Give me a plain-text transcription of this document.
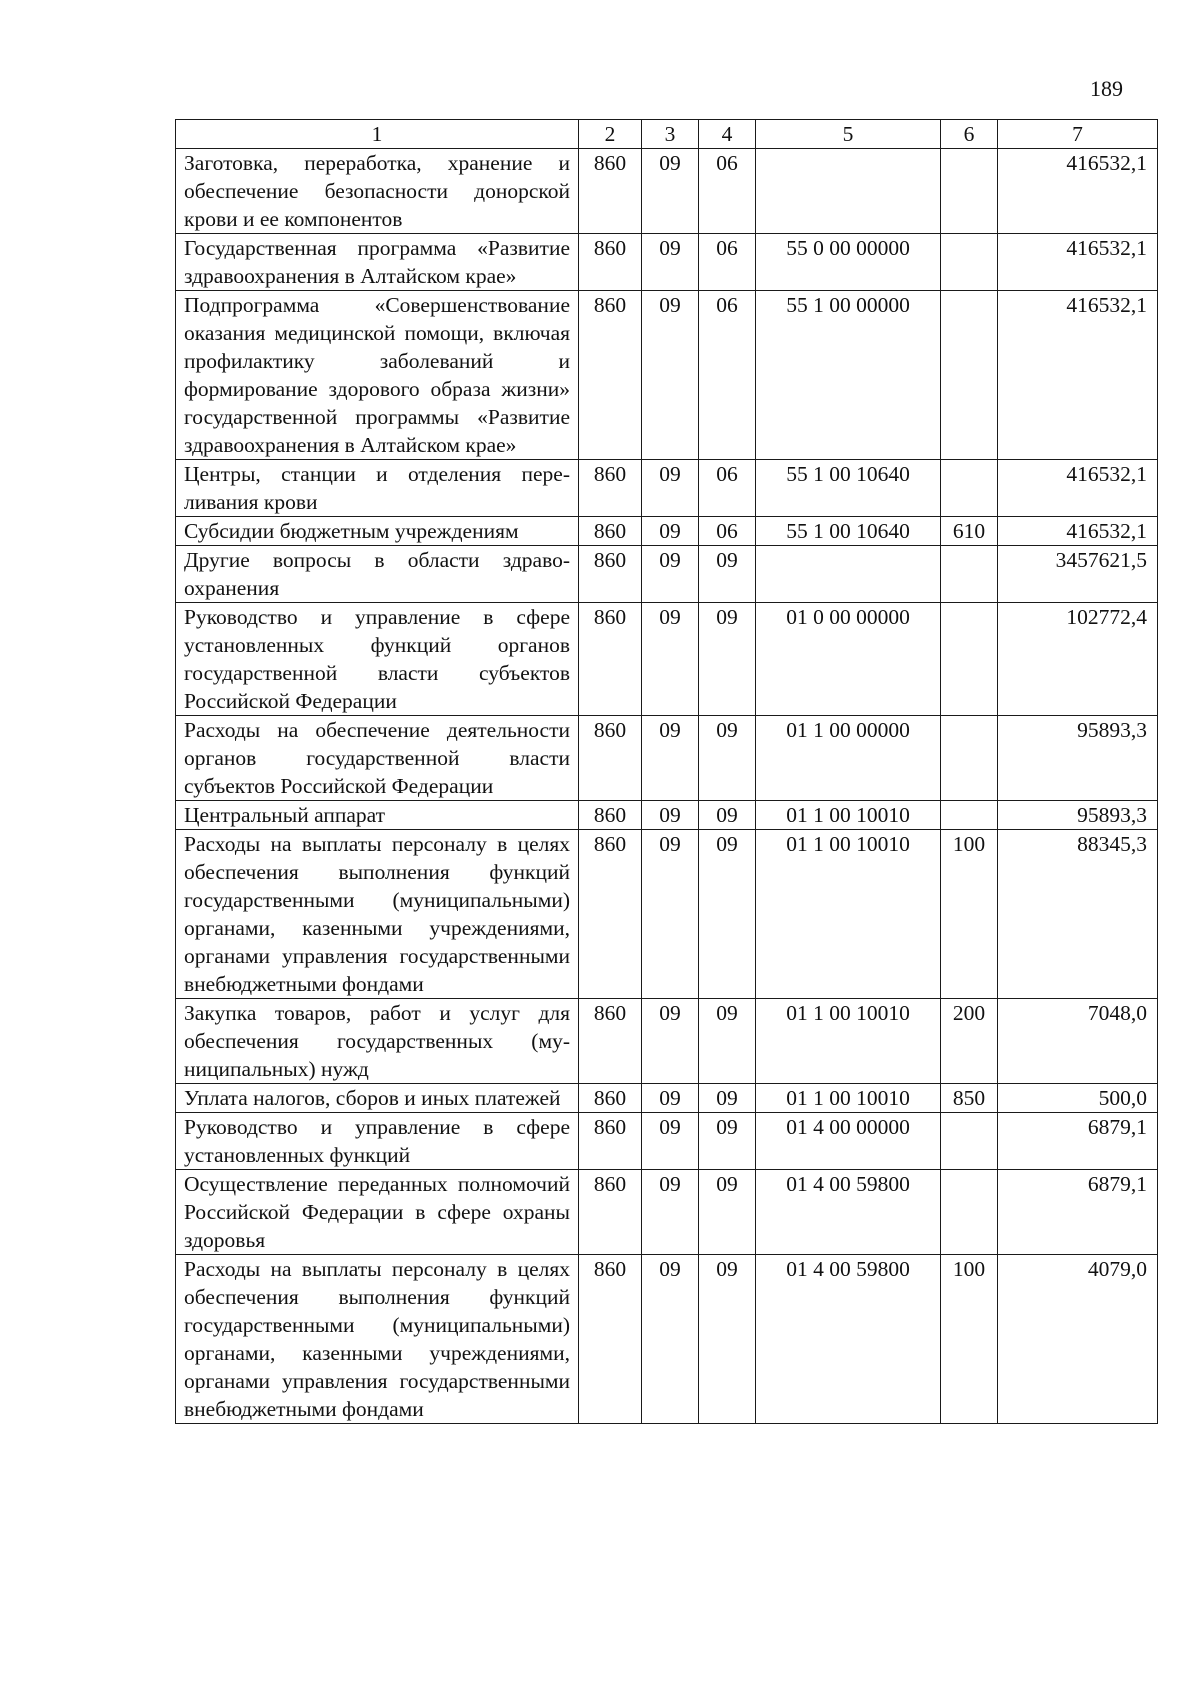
189
1	2	3	4	5	6	7
Заготовка, переработка, хранение и обеспечение безопасности донорской крови и ее компонентов	860	09	06			416532,1
Государственная программа «Развитие здравоохранения в Алтайском крае»	860	09	06	55 0 00 00000		416532,1
Подпрограмма «Совершенствование оказания медицинской помощи, включая профилактику заболеваний и формирование здорового образа жизни» государственной программы «Развитие здравоохранения в Алтайском крае»	860	09	06	55 1 00 00000		416532,1
Центры, станции и отделения переливания крови	860	09	06	55 1 00 10640		416532,1
Субсидии бюджетным учреждениям	860	09	06	55 1 00 10640	610	416532,1
Другие вопросы в области здравоохранения	860	09	09			3457621,5
Руководство и управление в сфере установленных функций органов государственной власти субъектов Российской Федерации	860	09	09	01 0 00 00000		102772,4
Расходы на обеспечение деятельности органов государственной власти субъектов Российской Федерации	860	09	09	01 1 00 00000		95893,3
Центральный аппарат	860	09	09	01 1 00 10010		95893,3
Расходы на выплаты персоналу в целях обеспечения выполнения функций государственными (муниципальными) органами, казенными учреждениями, органами управления государственными внебюджетными фондами	860	09	09	01 1 00 10010	100	88345,3
Закупка товаров, работ и услуг для обеспечения государственных (муниципальных) нужд	860	09	09	01 1 00 10010	200	7048,0
Уплата налогов, сборов и иных платежей	860	09	09	01 1 00 10010	850	500,0
Руководство и управление в сфере установленных функций	860	09	09	01 4 00 00000		6879,1
Осуществление переданных полномочий Российской Федерации в сфере охраны здоровья	860	09	09	01 4 00 59800		6879,1
Расходы на выплаты персоналу в целях обеспечения выполнения функций государственными (муниципальными) органами, казенными учреждениями, органами управления государственными внебюджетными фондами	860	09	09	01 4 00 59800	100	4079,0
